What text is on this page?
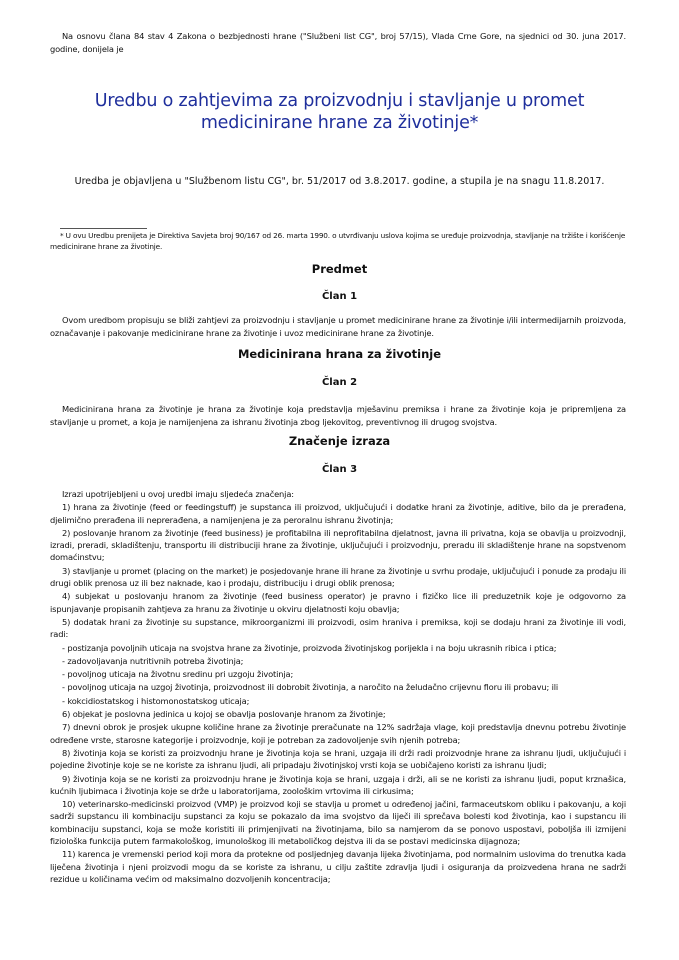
Na osnovu člana 84 stav 4 Zakona o bezbjednosti hrane ("Službeni list CG", broj 57/15), Vlada Crne Gore, na sjednici od 30. juna 2017. godine, donijela je
Uredbu o zahtjevima za proizvodnju i stavljanje u promet
medicinirane hrane za životinje*
Uredba je objavljena u "Službenom listu CG", br. 51/2017 od 3.8.2017. godine, a stupila je na snagu 11.8.2017.
* U ovu Uredbu prenijeta je Direktiva Savjeta broj 90/167 od 26. marta 1990. o utvrđivanju uslova kojima se uređuje proizvodnja, stavljanje na tržište i korišćenje medicinirane hrane za životinje.
Predmet
Član 1
Ovom uredbom propisuju se bliži zahtjevi za proizvodnju i stavljanje u promet medicinirane hrane za životinje i/ili intermedijarnih proizvoda, označavanje i pakovanje medicinirane hrane za životinje i uvoz medicinirane hrane za životinje.
Medicinirana hrana za životinje
Član 2
Medicinirana hrana za životinje je hrana za životinje koja predstavlja mješavinu premiksa i hrane za životinje koja je pripremljena za stavljanje u promet, a koja je namijenjena za ishranu životinja zbog ljekovitog, preventivnog ili drugog svojstva.
Značenje izraza
Član 3
Izrazi upotrijebljeni u ovoj uredbi imaju sljedeća značenja:
1) hrana za životinje (feed or feedingstuff) je supstanca ili proizvod, uključujući i dodatke hrani za životinje, aditive, bilo da je prerađena, djelimično prerađena ili neprerađena, a namijenjena je za peroralnu ishranu životinja;
2) poslovanje hranom za životinje (feed business) je profitabilna ili neprofitabilna djelatnost, javna ili privatna, koja se obavlja u proizvodnji, izradi, preradi, skladištenju, transportu ili distribuciji hrane za životinje, uključujući i proizvodnju, preradu ili skladištenje hrane na sopstvenom domaćinstvu;
3) stavljanje u promet (placing on the market) je posjedovanje hrane ili hrane za životinje u svrhu prodaje, uključujući i ponude za prodaju ili drugi oblik prenosa uz ili bez naknade, kao i prodaju, distribuciju i drugi oblik prenosa;
4) subjekat u poslovanju hranom za životinje (feed business operator) je pravno i fizičko lice ili preduzetnik koje je odgovorno za ispunjavanje propisanih zahtjeva za hranu za životinje u okviru djelatnosti koju obavlja;
5) dodatak hrani za životinje su supstance, mikroorganizmi ili proizvodi, osim hraniva i premiksa, koji se dodaju hrani za životinje ili vodi, radi:
- postizanja povoljnih uticaja na svojstva hrane za životinje, proizvoda životinjskog porijekla i na boju ukrasnih ribica i ptica;
- zadovoljavanja nutritivnih potreba životinja;
- povoljnog uticaja na životnu sredinu pri uzgoju životinja;
- povoljnog uticaja na uzgoj životinja, proizvodnost ili dobrobit životinja, a naročito na želudačno crijevnu floru ili probavu; ili
- kokcidiostatskog i histomonostatskog uticaja;
6) objekat je poslovna jedinica u kojoj se obavlja poslovanje hranom za životinje;
7) dnevni obrok je prosjek ukupne količine hrane za životinje preračunate na 12% sadržaja vlage, koji predstavlja dnevnu potrebu životinje određene vrste, starosne kategorije i proizvodnje, koji je potreban za zadovoljenje svih njenih potreba;
8) životinja koja se koristi za proizvodnju hrane je životinja koja se hrani, uzgaja ili drži radi proizvodnje hrane za ishranu ljudi, uključujući i pojedine životinje koje se ne koriste za ishranu ljudi, ali pripadaju životinjskoj vrsti koja se uobičajeno koristi za ishranu ljudi;
9) životinja koja se ne koristi za proizvodnju hrane je životinja koja se hrani, uzgaja i drži, ali se ne koristi za ishranu ljudi, poput krznašica, kućnih ljubimaca i životinja koje se drže u laboratorijama, zoološkim vrtovima ili cirkusima;
10) veterinarsko-medicinski proizvod (VMP) je proizvod koji se stavlja u promet u određenoj jačini, farmaceutskom obliku i pakovanju, a koji sadrži supstancu ili kombinaciju supstanci za koju se pokazalo da ima svojstvo da liječi ili sprečava bolesti kod životinja, kao i supstancu ili kombinaciju supstanci, koja se može koristiti ili primjenjivati na životinjama, bilo sa namjerom da se ponovo uspostavi, poboljša ili izmijeni fiziološka funkcija putem farmakološkog, imunološkog ili metaboličkog dejstva ili da se postavi medicinska dijagnoza;
11) karenca je vremenski period koji mora da protekne od posljednjeg davanja lijeka životinjama, pod normalnim uslovima do trenutka kada liječena životinja i njeni proizvodi mogu da se koriste za ishranu, u cilju zaštite zdravlja ljudi i osiguranja da proizvedena hrana ne sadrži rezidue u količinama većim od maksimalno dozvoljenih koncentracija;
